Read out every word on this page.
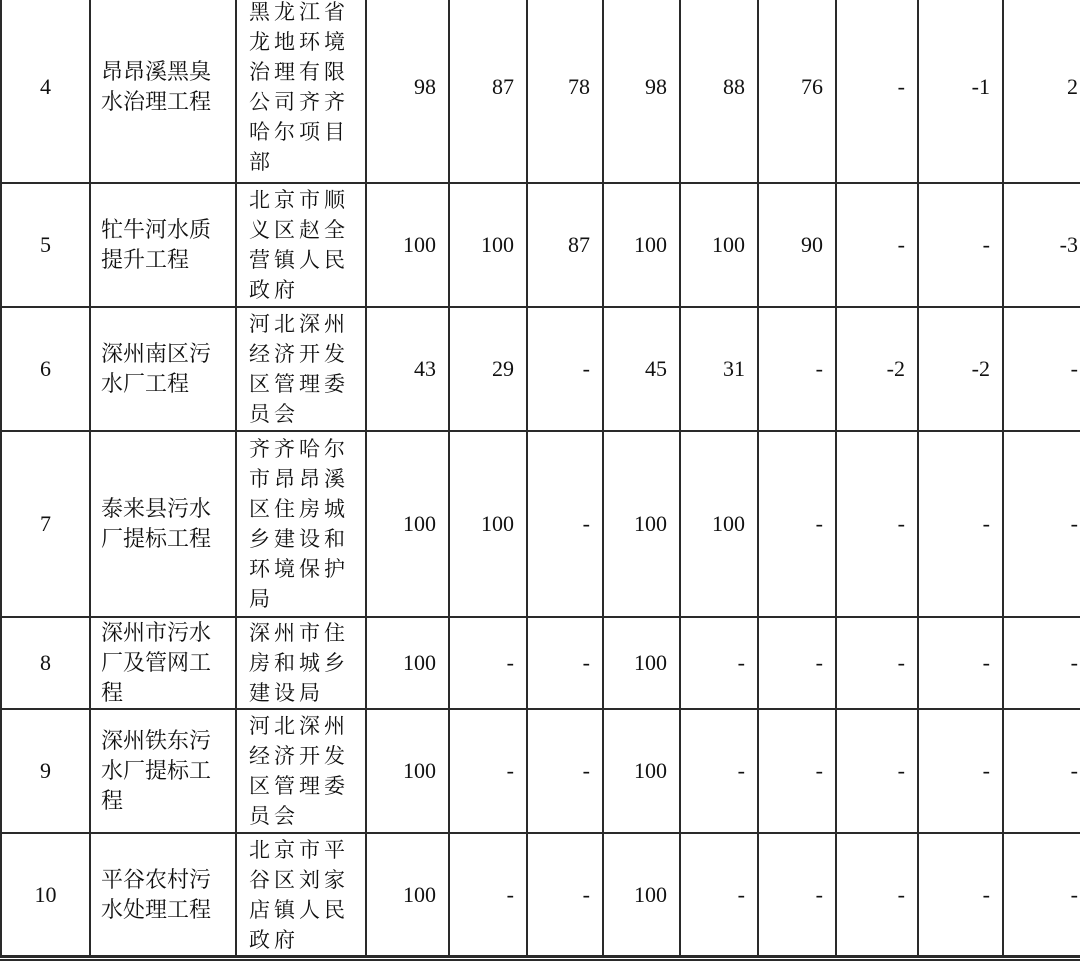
4	昂昂溪黑臭水治理工程	黑龙江省龙地环境治理有限公司齐齐哈尔项目部	98	87	78	98	88	76	-	-1	2
5	牤牛河水质提升工程	北京市顺义区赵全营镇人民政府	100	100	87	100	100	90	-	-	-3
6	深州南区污水厂工程	河北深州经济开发区管理委员会	43	29	-	45	31	-	-2	-2	-
7	泰来县污水厂提标工程	齐齐哈尔市昂昂溪区住房城乡建设和环境保护局	100	100	-	100	100	-	-	-	-
8	深州市污水厂及管网工程	深州市住房和城乡建设局	100	-	-	100	-	-	-	-	-
9	深州铁东污水厂提标工程	河北深州经济开发区管理委员会	100	-	-	100	-	-	-	-	-
10	平谷农村污水处理工程	北京市平谷区刘家店镇人民政府	100	-	-	100	-	-	-	-	-
